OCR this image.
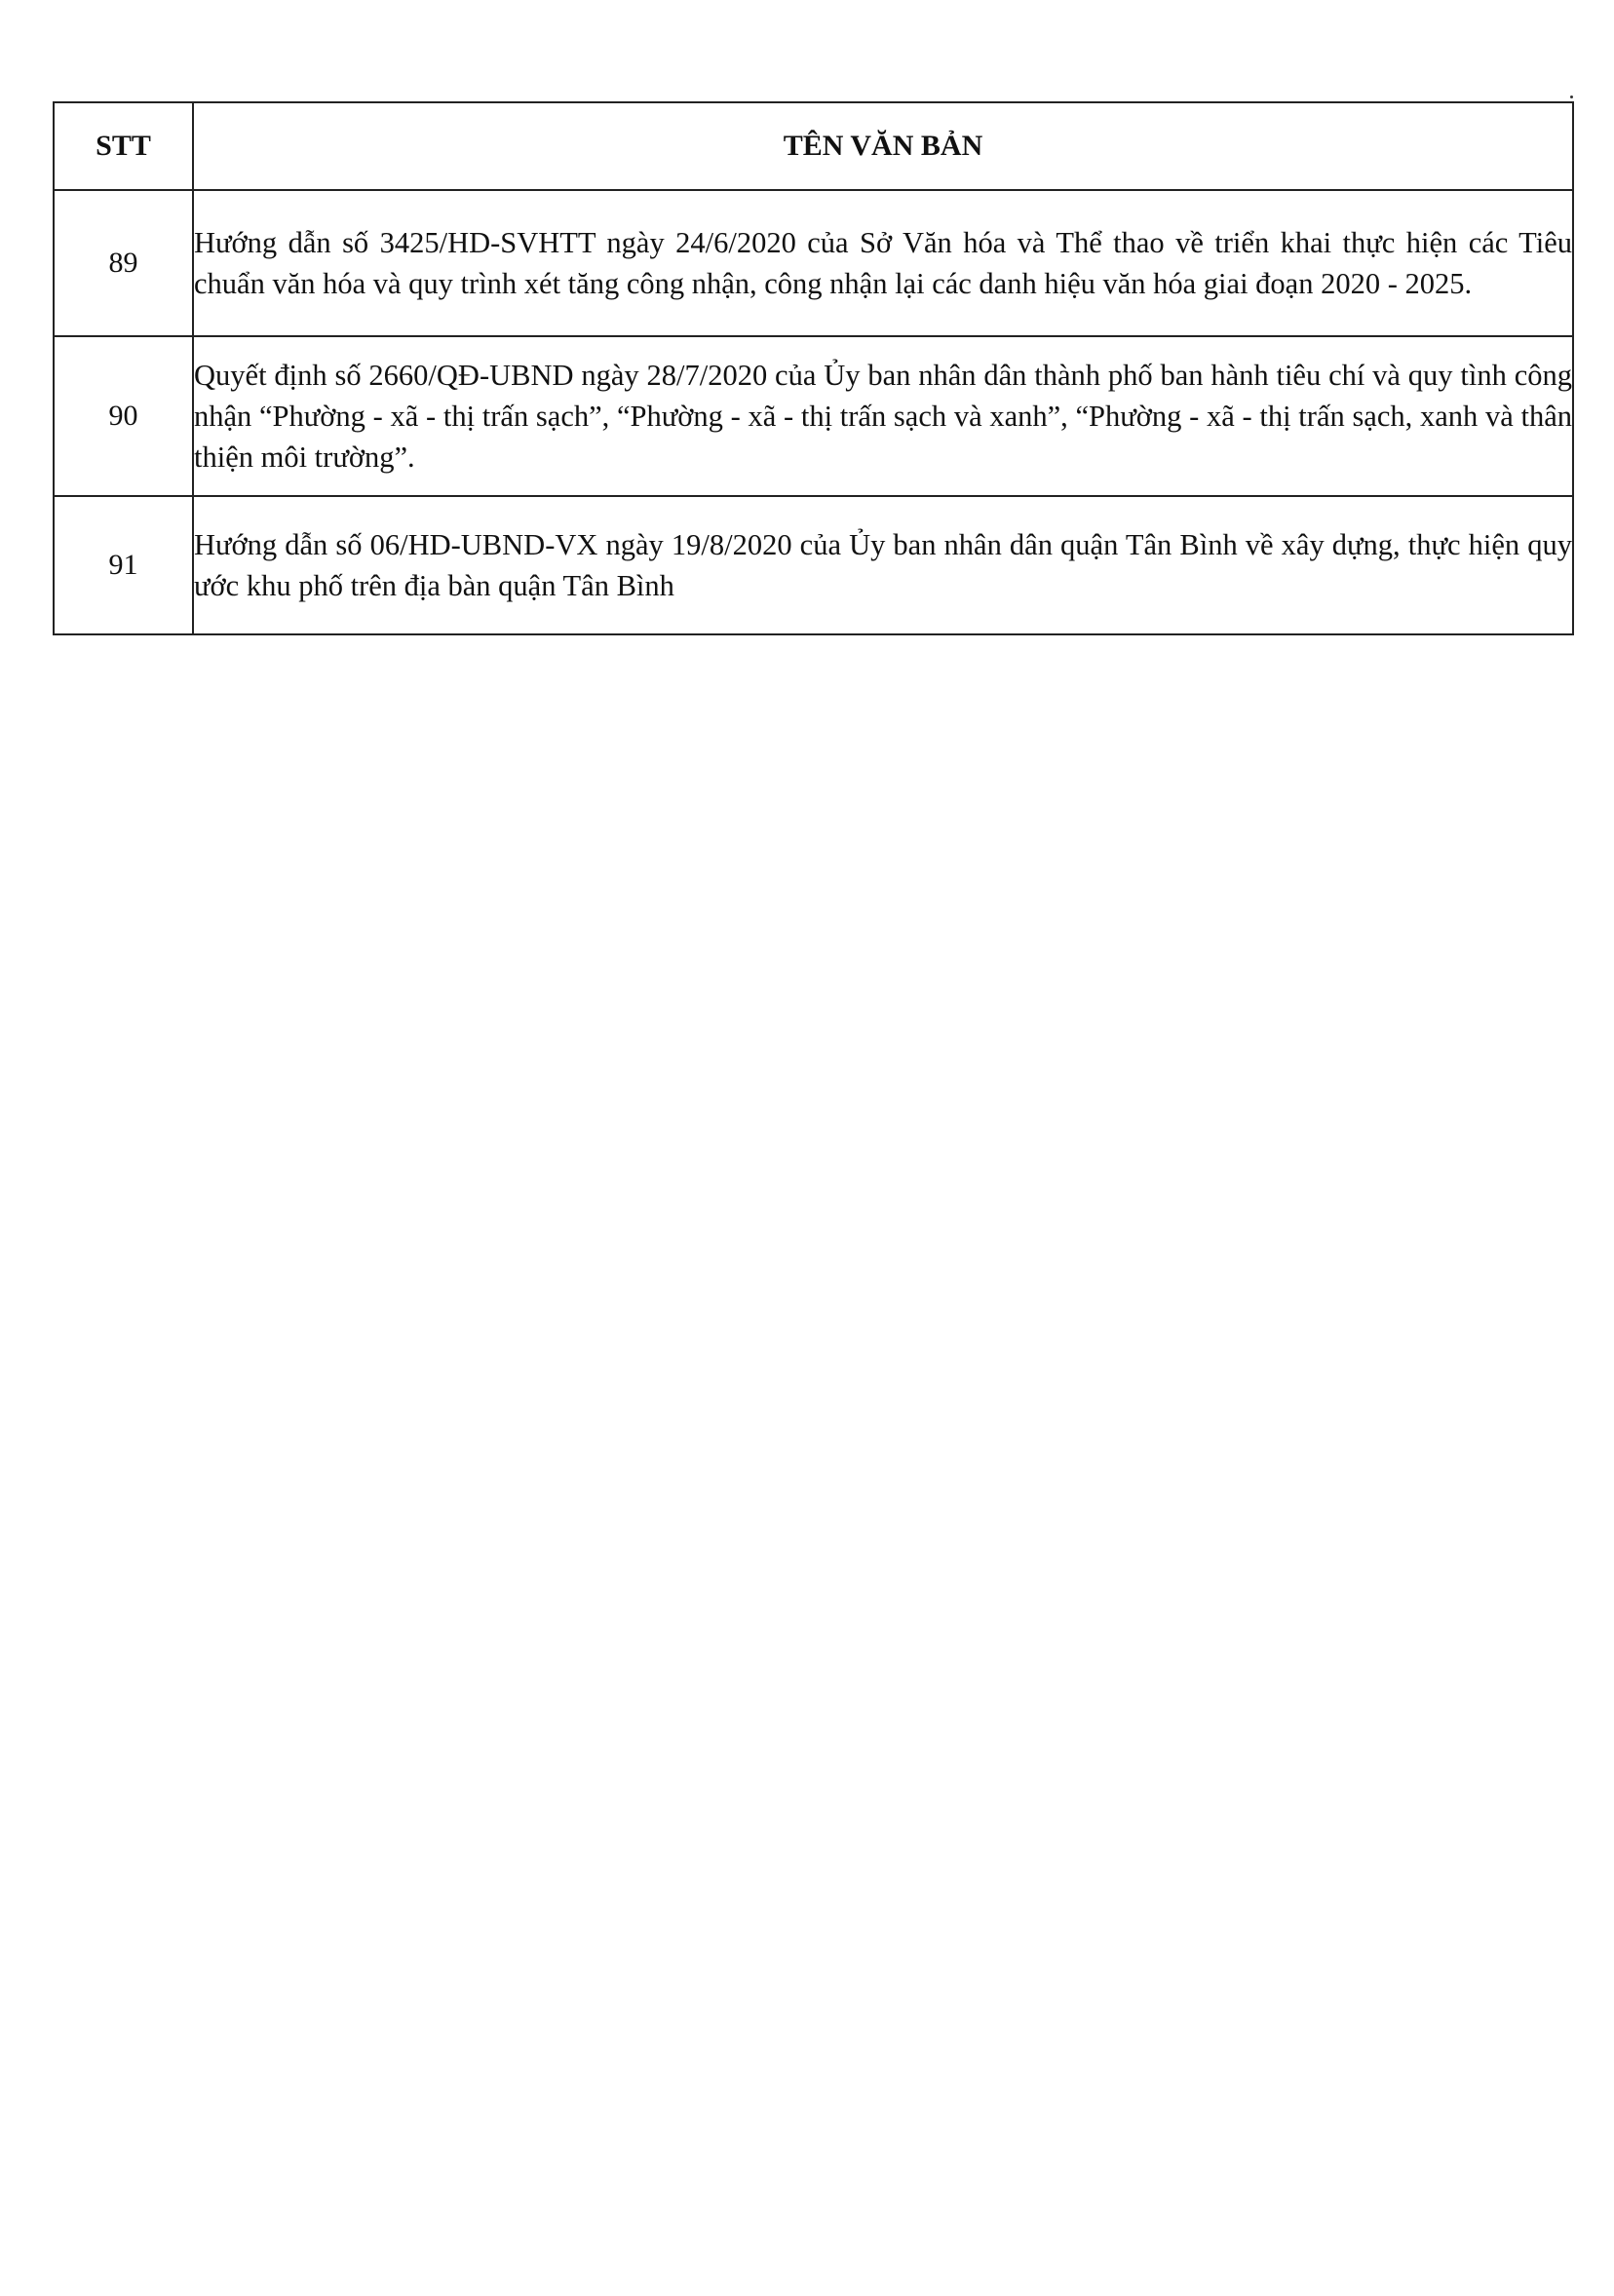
STT	TÊN VĂN BẢN
89	Hướng dẫn số 3425/HD-SVHTT ngày 24/6/2020 của Sở Văn hóa và Thể thao về triển khai thực hiện các Tiêu chuẩn văn hóa và quy trình xét tăng công nhận, công nhận lại các danh hiệu văn hóa giai đoạn 2020 - 2025.
90	Quyết định số 2660/QĐ-UBND ngày 28/7/2020 của Ủy ban nhân dân thành phố ban hành tiêu chí và quy tình công nhận “Phường - xã - thị trấn sạch”, “Phường - xã - thị trấn sạch và xanh”, “Phường - xã - thị trấn sạch, xanh và thân thiện môi trường”.
91	Hướng dẫn số 06/HD-UBND-VX ngày 19/8/2020 của Ủy ban nhân dân quận Tân Bình về xây dựng, thực hiện quy ước khu phố trên địa bàn quận Tân Bình
